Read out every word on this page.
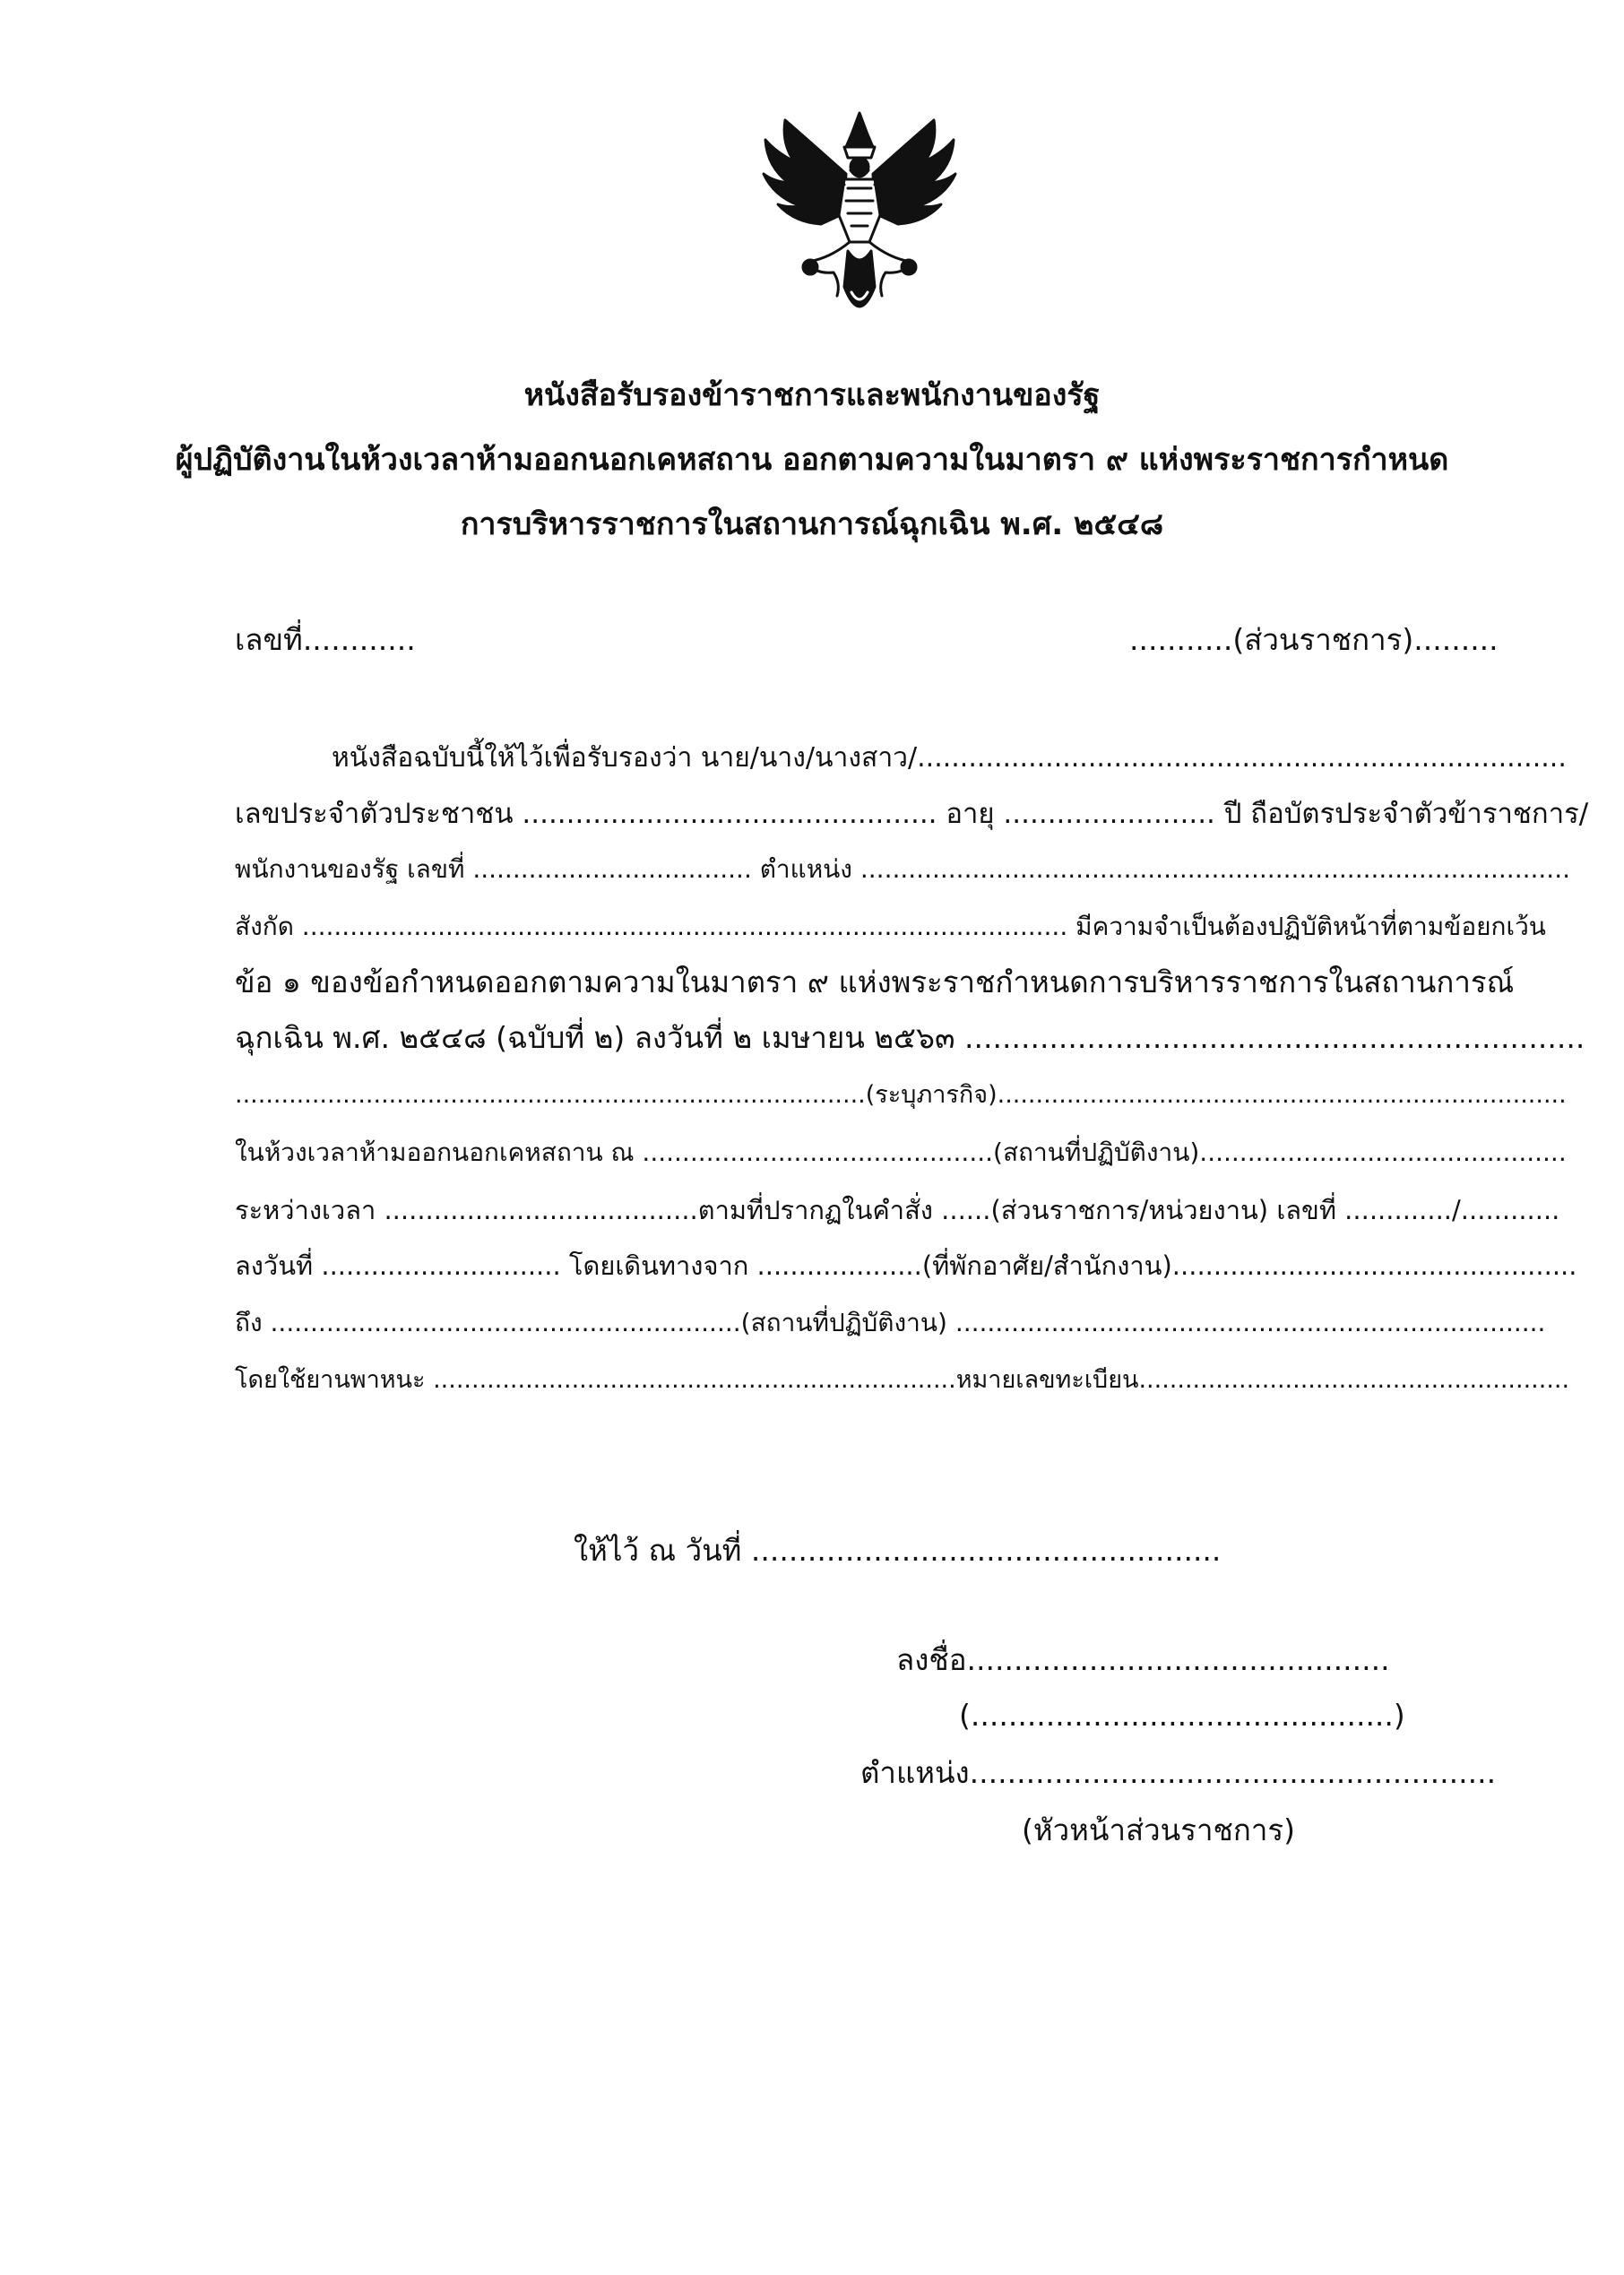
หนังสือรับรองข้าราชการและพนักงานของรัฐ
ผู้ปฏิบัติงานในห้วงเวลาห้ามออกนอกเคหสถาน ออกตามความในมาตรา ๙ แห่งพระราชการกำหนด
การบริหารราชการในสถานการณ์ฉุกเฉิน พ.ศ. ๒๕๔๘
เลขที่............	...........(ส่วนราชการ).........
หนังสือฉบับนี้ให้ไว้เพื่อรับรองว่า นาย/นาง/นางสาว/............................................................................
เลขประจำตัวประชาชน ............................................... อายุ ........................ ปี ถือบัตรประจำตัวข้าราชการ/
พนักงานของรัฐ เลขที่ ................................... ตำแหน่ง .........................................................................................
สังกัด ................................................................................................ มีความจำเป็นต้องปฏิบัติหน้าที่ตามข้อยกเว้น
ข้อ ๑ ของข้อกำหนดออกตามความในมาตรา ๙ แห่งพระราชกำหนดการบริหารราชการในสถานการณ์
ฉุกเฉิน พ.ศ. ๒๕๔๘ (ฉบับที่ ๒) ลงวันที่ ๒ เมษายน ๒๕๖๓ ..................................................................
..................................................................................(ระบุภารกิจ)..........................................................................
ในห้วงเวลาห้ามออกนอกเคหสถาน ณ ............................................(สถานที่ปฏิบัติงาน)..............................................
ระหว่างเวลา ......................................ตามที่ปรากฏในคำสั่ง ......(ส่วนราชการ/หน่วยงาน) เลขที่ ............./............
ลงวันที่ ............................. โดยเดินทางจาก ....................(ที่พักอาศัย/สำนักงาน).................................................
ถึง ...........................................................(สถานที่ปฏิบัติงาน) ..........................................................................
โดยใช้ยานพาหนะ ....................................................................หมายเลขทะเบียน........................................................
ให้ไว้ ณ วันที่ ..................................................
ลงชื่อ.............................................
(.............................................)
ตำแหน่ง........................................................
(หัวหน้าส่วนราชการ)
